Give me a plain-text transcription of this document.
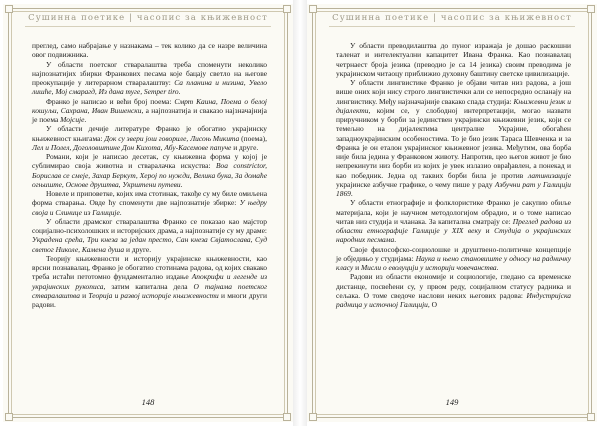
Сушинна поетике | часопис за књижевност

преглед, само набрајање у назнакама – тек колико да се назре величина овог подвижника.

У области поетског стваралаштва треба споменути неколико најпознатијих збирки Франкових песама које бацају светло на његове преокупације у литерарном стваралаштву: Са планина и низина, Увело лишће, Мој смарагд, Из дана туге, Semper tiro.

Франко је написао и већи број поема: Смрт Каина, Поема о белој кошуљи, Сахрана, Иван Вишенски, а најпознатија и сваказо најзначајнија је поема Мојсије.

У области дечије литературе Франко је обогатио украјинску књижевност књигама: Док су звери још говориле, Лисоњ Микита (поема), Лел и Полел, Доголовштине Дон Кихота, Абу-Касемове папуче и друге.

Романи, који је написао десетак, су књижевна форма у којој је сублимирао своја животна и стваралачка искуства: Воа constrictor, Борислав се смеје, Захар Беркут, Херој по нужди, Велика бука, За домаће огњиште, Основе друштва, Укрштени путеви.

Новеле и приповетке, којих има стотинак, такође су му биле омиљена форма стварања. Овде ћу споменути две најпознатије збирке: У њедру своја и Слинице из Галиције.

У области драмског стваралаштва Франко се показао као мајстор социјално-психолошких и историјских драма, а најпознатије су му драме: Украдена срећа, Три кнеза за један престо, Сан кнеза Свјатослава, Суд светог Николе, Камена душа и друге.

Теорију књижевности и историју украјинске књижевности, као врсни познавалац, Франко је обогатио стотинама радова, од којих свакако треба истаћи петотомно фундаментално издање Апокрифи и легенде из украјинских рукописа, затим капитална дела О тајнама поетског стваралаштва и Теорија и развој историје књижевности и многи други радови.

148
Сушинна поетике | часопис за књижевност

У области преводилаштва до пуног изражаја је дошао раскошни таленат и интелектуални капацитет Ивана Франка. Као познавалац четрнаест бројa језика (преводио је са 14 језика) своим преводима је украјинском читаоцу приближио духовну баштину светске цивилизације.

У области лингвистике Франко је објави читав низ радова, а још више оних који нису строго лингвистички али се непосредно осланају на лингвистику. Међу најзначајније свакако спада студија: Књижевни језик и дијалекти, којим се, у слободној интерпретацији, могао назвати приручником у борби за јединствен украјински књижевни језик, који се темељно на дијалектима централне Украјине, обогаћен западноукрајинским особеностима. То је био језик Тараса Шевченка и за Франка је он еталон украјинског књижевног језика. Међутим, ова борба није била једина у Франковом животу. Напротив, цео његов живот је био непрекинути низ борби из којих је увек излазио оврађавлен, а понекад и као победник. Једна од таквих борби била је против латинизације украјинске азбучне графике, о чему пише у раду Азбучни рат у Галицији 1869.

У области етнографије и фолклористике Франко је сакупио обиље материјала, који је научном методологијом обрадио, и о томе написао читав низ студија и чланака. За капитална сматрају се: Преглед радова из области етнографије Галиције у XIX веку и Студија о украјинских народних песмама.

Своје философско-социолошке и друштвено-политичке концепције је обједињо у студијама: Наука и њено становиште у односу на радничку класу и Мисли о еволуцији у историји човечанства.

Радови из области економије и социологије, гледано са временске дистанце, посвећени су, у првом реду, социјалном статусу радника и сељака. О томе сведоче наслови неких његових радова: Индустријска радница у источној Галицији, О

149
